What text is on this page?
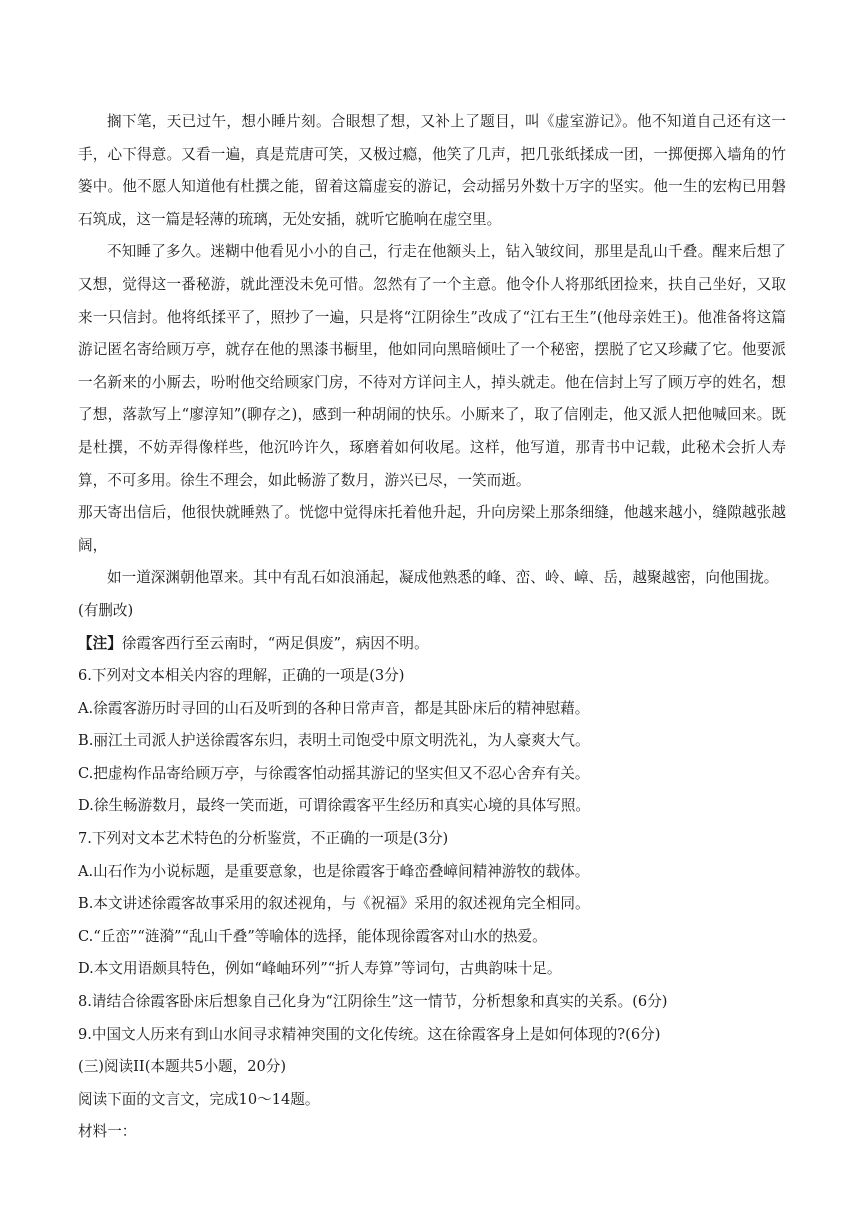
搁下笔，天已过午，想小睡片刻。合眼想了想，又补上了题目，叫《虚室游记》。他不知道自己还有这一手，心下得意。又看一遍，真是荒唐可笑，又极过瘾，他笑了几声，把几张纸揉成一团，一掷便掷入墙角的竹篓中。他不愿人知道他有杜撰之能，留着这篇虚妄的游记，会动摇另外数十万字的坚实。他一生的宏构已用磐石筑成，这一篇是轻薄的琉璃，无处安插，就听它脆响在虚空里。

不知睡了多久。迷糊中他看见小小的自己，行走在他额头上，钻入皱纹间，那里是乱山千叠。醒来后想了又想，觉得这一番秘游，就此湮没未免可惜。忽然有了一个主意。他令仆人将那纸团捡来，扶自己坐好，又取来一只信封。他将纸揉平了，照抄了一遍，只是将“江阴徐生”改成了“江右王生”(他母亲姓王)。他准备将这篇游记匿名寄给顾万亭，就存在他的黑漆书橱里，他如同向黑暗倾吐了一个秘密，摆脱了它又珍藏了它。他要派一名新来的小厮去，吩咐他交给顾家门房，不待对方详问主人，掉头就走。他在信封上写了顾万亭的姓名，想了想，落款写上“廖淳知”(聊存之)，感到一种胡闹的快乐。小厮来了，取了信刚走，他又派人把他喊回来。既是杜撰，不妨弄得像样些，他沉吟许久，琢磨着如何收尾。这样，他写道，那青书中记载，此秘术会折人寿算，不可多用。徐生不理会，如此畅游了数月，游兴已尽，一笑而逝。

那天寄出信后，他很快就睡熟了。恍惚中觉得床托着他升起，升向房梁上那条细缝，他越来越小，缝隙越张越阔，

如一道深渊朝他罩来。其中有乱石如浪涌起，凝成他熟悉的峰、峦、岭、嶂、岳，越聚越密，向他围拢。

(有删改)

【注】徐霞客西行至云南时，“两足俱废”，病因不明。

6.下列对文本相关内容的理解，正确的一项是(3分)

A.徐霞客游历时寻回的山石及听到的各种日常声音，都是其卧床后的精神慰藉。

B.丽江土司派人护送徐霞客东归，表明土司饱受中原文明洗礼，为人豪爽大气。

C.把虚构作品寄给顾万亭，与徐霞客怕动摇其游记的坚实但又不忍心舍弃有关。

D.徐生畅游数月，最终一笑而逝，可谓徐霞客平生经历和真实心境的具体写照。

7.下列对文本艺术特色的分析鉴赏，不正确的一项是(3分)

A.山石作为小说标题，是重要意象，也是徐霞客于峰峦叠嶂间精神游牧的载体。

B.本文讲述徐霞客故事采用的叙述视角，与《祝福》采用的叙述视角完全相同。

C.“丘峦”“涟漪”“乱山千叠”等喻体的选择，能体现徐霞客对山水的热爱。

D.本文用语颇具特色，例如“峰岫环列”“折人寿算”等词句，古典韵味十足。

8.请结合徐霞客卧床后想象自己化身为“江阴徐生”这一情节，分析想象和真实的关系。(6分)

9.中国文人历来有到山水间寻求精神突围的文化传统。这在徐霞客身上是如何体现的?(6分)

(三)阅读II(本题共5小题，20分)

阅读下面的文言文，完成10～14题。

材料一：
